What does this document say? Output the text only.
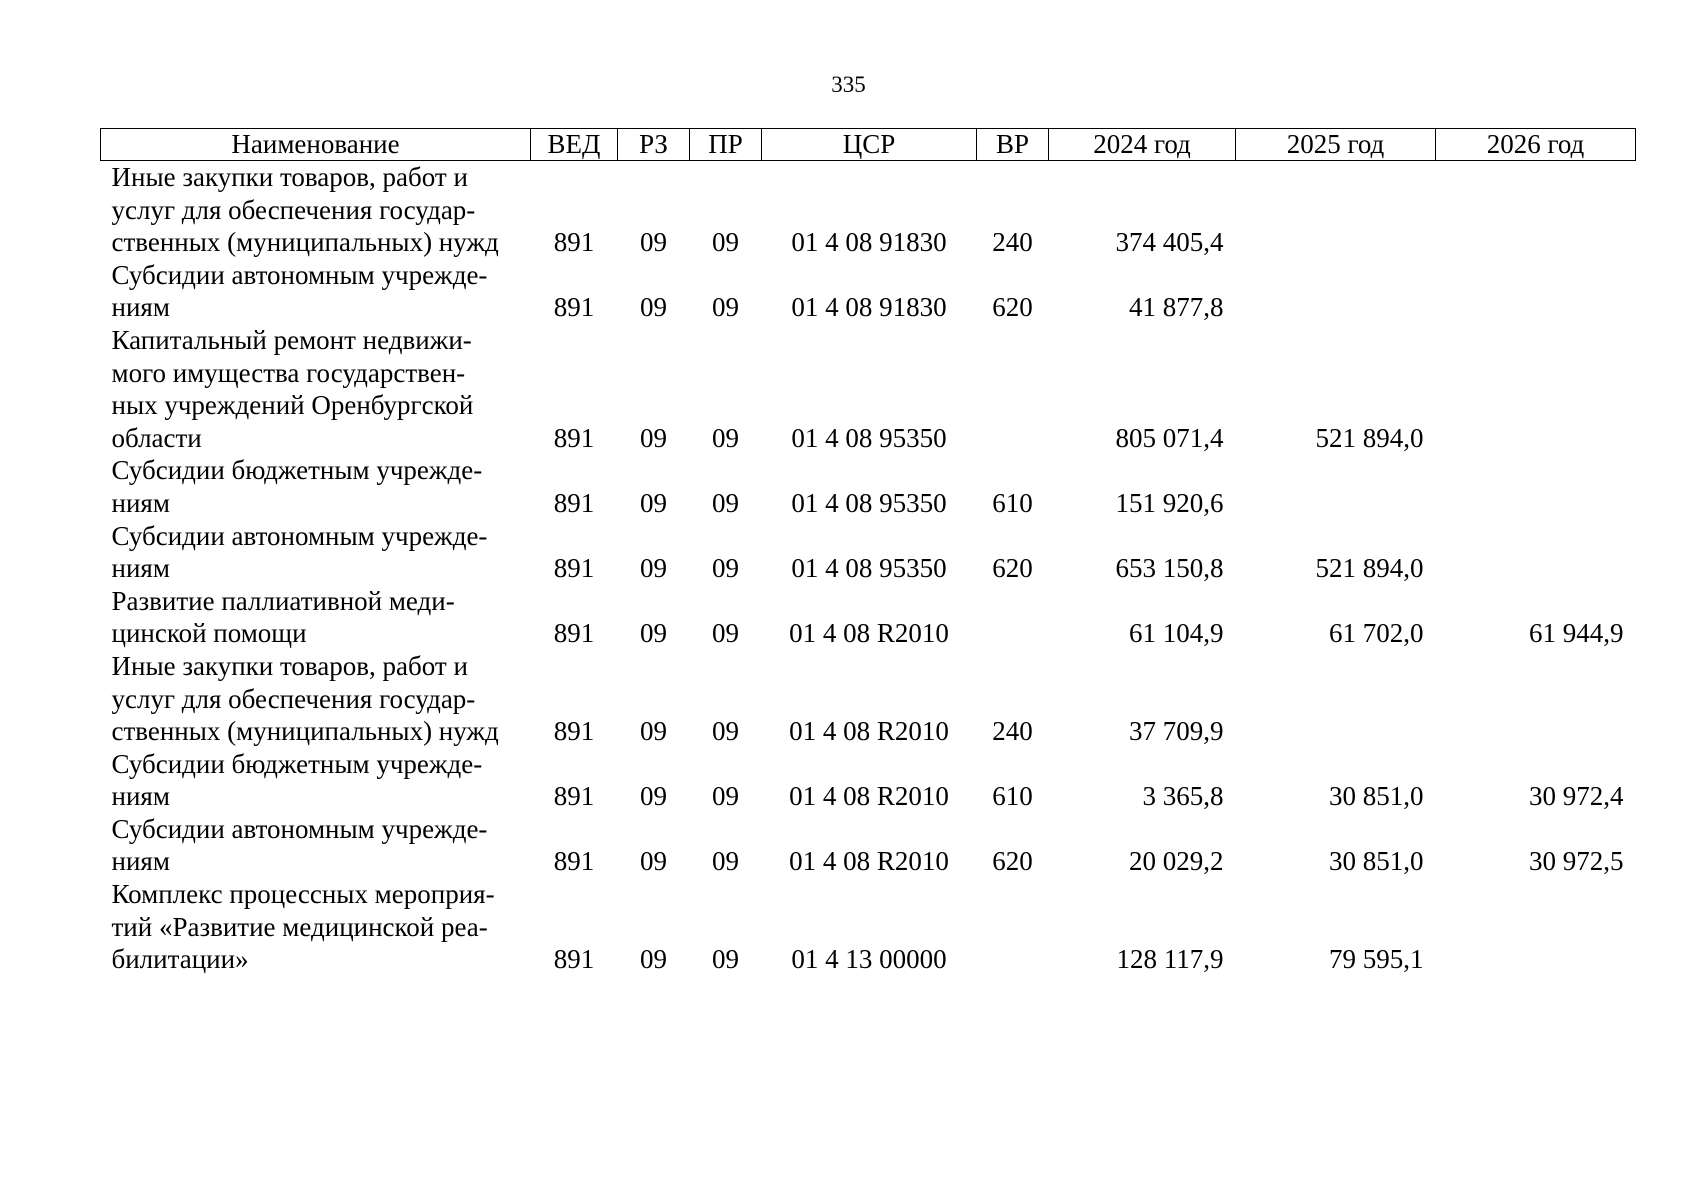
335
Наименование	ВЕД	РЗ	ПР	ЦСР	ВР	2024 год	2025 год	2026 год
Иные закупки товаров, работ и
услуг для обеспечения государ-
ственных (муниципальных) нужд	891	09	09	01 4 08 91830	240	374 405,4		
Субсидии автономным учрежде-
ниям	891	09	09	01 4 08 91830	620	41 877,8		
Капитальный ремонт недвижи-
мого имущества государствен-
ных учреждений Оренбургской
области	891	09	09	01 4 08 95350		805 071,4	521 894,0	
Субсидии бюджетным учрежде-
ниям	891	09	09	01 4 08 95350	610	151 920,6		
Субсидии автономным учрежде-
ниям	891	09	09	01 4 08 95350	620	653 150,8	521 894,0	
Развитие паллиативной меди-
цинской помощи	891	09	09	01 4 08 R2010		61 104,9	61 702,0	61 944,9
Иные закупки товаров, работ и
услуг для обеспечения государ-
ственных (муниципальных) нужд	891	09	09	01 4 08 R2010	240	37 709,9		
Субсидии бюджетным учрежде-
ниям	891	09	09	01 4 08 R2010	610	3 365,8	30 851,0	30 972,4
Субсидии автономным учрежде-
ниям	891	09	09	01 4 08 R2010	620	20 029,2	30 851,0	30 972,5
Комплекс процессных мероприя-
тий «Развитие медицинской реа-
билитации»	891	09	09	01 4 13 00000		128 117,9	79 595,1	
